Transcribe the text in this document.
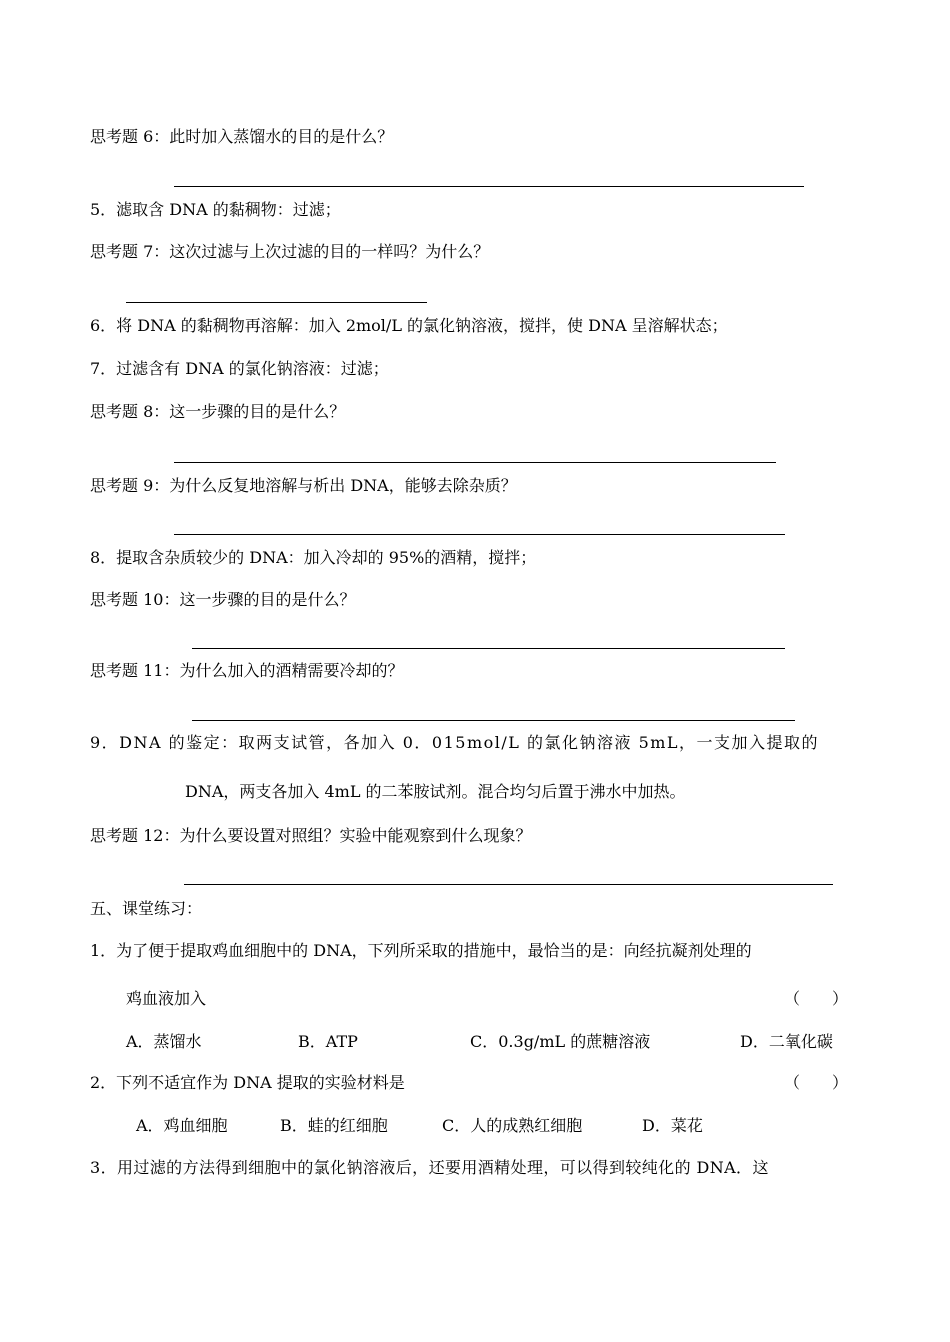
思考题 6：此时加入蒸馏水的目的是什么？
5．滤取含 DNA 的黏稠物：过滤；
思考题 7：这次过滤与上次过滤的目的一样吗？为什么？
6．将 DNA 的黏稠物再溶解：加入 2mol/L 的氯化钠溶液，搅拌，使 DNA 呈溶解状态；
7．过滤含有 DNA 的氯化钠溶液：过滤；
思考题 8：这一步骤的目的是什么？
思考题 9：为什么反复地溶解与析出 DNA，能够去除杂质？
8．提取含杂质较少的 DNA：加入冷却的 95%的酒精，搅拌；
思考题 10：这一步骤的目的是什么？
思考题 11：为什么加入的酒精需要冷却的？
9．DNA 的鉴定：取两支试管，各加入 0．015mol/L 的氯化钠溶液 5mL，一支加入提取的
DNA，两支各加入 4mL 的二苯胺试剂。混合均匀后置于沸水中加热。
思考题 12：为什么要设置对照组？实验中能观察到什么现象？
五、课堂练习：
1．为了便于提取鸡血细胞中的 DNA，下列所采取的措施中，最恰当的是：向经抗凝剂处理的
鸡血液加入	（　　）
A．蒸馏水	B．ATP	C．0.3g/mL 的蔗糖溶液	D．二氧化碳
2．下列不适宜作为 DNA 提取的实验材料是	（　　）
A．鸡血细胞	B．蛙的红细胞	C．人的成熟红细胞	D．菜花
3．用过滤的方法得到细胞中的氯化钠溶液后，还要用酒精处理，可以得到较纯化的 DNA．这
